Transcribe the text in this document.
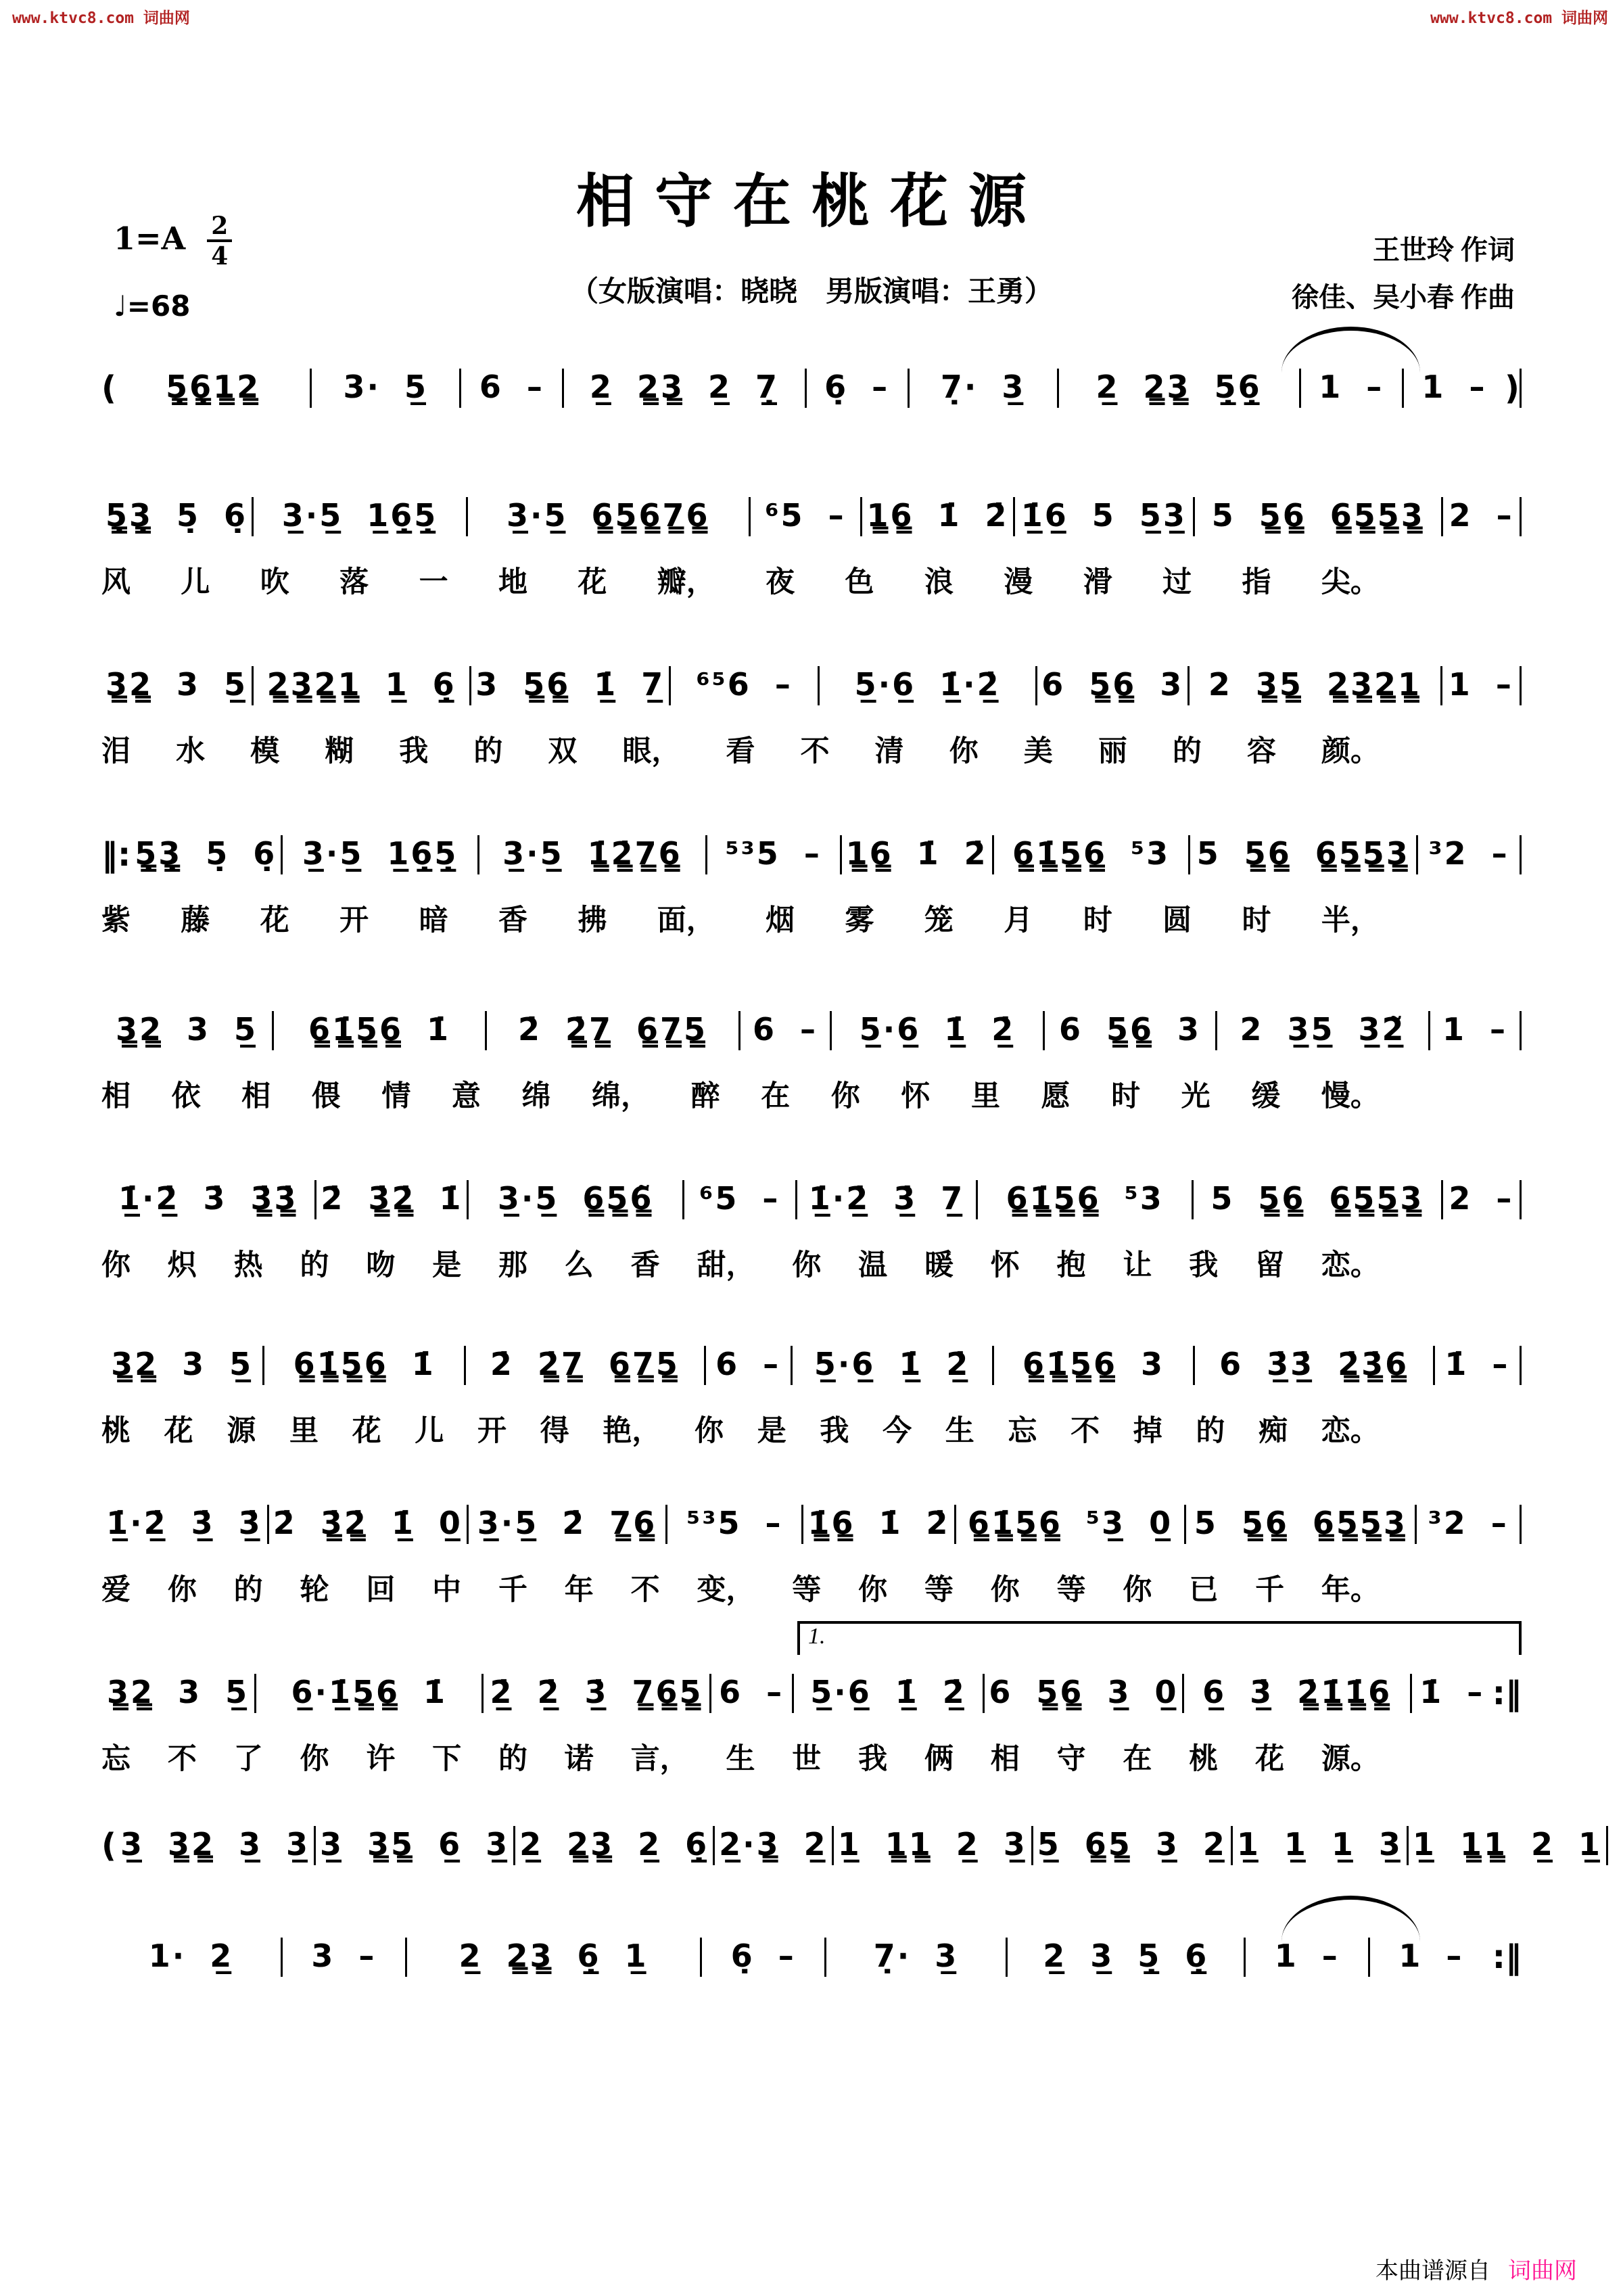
www.ktvc8.com 词曲网	www.ktvc8.com 词曲网
$1=A \frac{2}{4}$
♩=68
相守在桃花源
（女版演唱：晓晓　男版演唱：王勇）
王世玲 作词
徐佳、吴小春 作曲
(	5̳̣6̳̣1̳2̳	3· 5̲	6 –	2̲ 2̳3̳ 2̲ 7̲̣	6̣ –	7̣· 3̲	2̲ 2̳3̳ 5̲̣6̲̣	1 –	1 – )
5̳̣3̳̣ 5̣ 6̣	3̲·5̲ 1̲6̲̣5̲̣	3̲·5̲ 6̳5̳6̳7̳6̳	⁶5 – 1̳6̳ 1̇ 2̇ 1̲̇6̲ 5 5̲3̲ 5 5̳6̳ 6̳5̳5̳3̳ 2 –
风 儿 吹 落 一 地 花 瓣， 夜 色 浪 漫 滑 过 指 尖。
3̳2̳ 3 5̲ 2̳3̳2̳1̳ 1̲ 6̲̣ 3 5̳6̳ 1̲̇ 7̲	⁶⁵6 –	5̲·6̲ 1̲̇·2̲̇	6 5̳6̳ 3 2 3̳5̳ 2̳3̳2̳1̳ 1 –
泪 水 模 糊 我 的 双 眼， 看 不 清 你 美 丽 的 容 颜。
‖: 5̳̣3̳̣ 5̣ 6̣ 3̲·5̲ 1̲6̲̣5̲̣	3̲·5̲ 1̳̇2̳̇7̳6̳	⁵³5 – 1̳6̳ 1̇ 2̇ 6̳1̳̇5̳6̳ ⁵3 5 5̳6̳ 6̳5̳5̳3̳ ³2 –
紫 藤 花 开 暗 香 拂 面， 烟 雾 笼 月 时 圆 时 半，
3̳2̳ 3 5̲	6̳1̳̇5̳6̳ 1̇	2̇ 2̳̇7̳ 6̳7̳5̳	6 –	5̲·6̲ 1̲̇ 2̲̇	6 5̳6̳ 3	2 3̲5̲ 3̲2̲̃	1 –
相 依 相 偎 情 意 绵 绵， 醉 在 你 怀 里 愿 时 光 缓 慢。
1̲̇·2̲̇ 3̇ 3̳̇3̳̇ 2̇ 3̳̇2̳̇ 1̇	3̲·5̲ 6̳5̳6̳̃	⁶5 – 1̲̇·2̲̇ 3̲̇ 7̲	6̳1̳̇5̳6̳ ⁵3	5 5̳6̳ 6̳5̳5̳3̳ 2 –
你 炽 热 的 吻 是 那 么 香 甜， 你 温 暖 怀 抱 让 我 留 恋。
3̳2̳ 3 5̲	6̳1̳̇5̳6̳ 1̇	2̇ 2̳̇7̳ 6̳7̳5̳	6 –	5̲·6̲ 1̲̇ 2̲̇	6̳1̳̇5̳6̳ 3	6 3̲̇3̲̇ 2̳̇3̳̇6̳	1̇ –
桃 花 源 里 花 儿 开 得 艳， 你 是 我 今 生 忘 不 掉 的 痴 恋。
1̲̇·2̲̇ 3̲̇ 3̲̇ 2̇ 3̳̇2̳̇ 1̲̇ 0̲ 3̲·5̲ 2̇ 7̳6̳ ⁵³5 – 1̳̇6̳ 1̇ 2̇ 6̳1̳̇5̳6̳ ⁵3̲ 0̲ 5 5̳6̳ 6̳5̳5̳3̳ ³2 –
爱 你 的 轮 回 中 千 年 不 变， 等 你 等 你 等 你 已 千 年。
1.
3̳2̳ 3 5̲	6̲·1̲̇5̳6̳ 1̇	2̲̇ 2̲̇ 3̲̇ 7̳6̳5̳ 6 – 5̲·6̲ 1̲̇ 2̲̇ 6 5̳6̳ 3̲ 0̲ 6̲ 3̲̇ 2̳̇1̳̇1̳̇6̳ 1̇ – :‖
忘 不 了 你 许 下 的 诺 言， 生 世 我 俩 相 守 在 桃 花 源。
( 3̲ 3̳2̳ 3̲ 3̲ 3̲ 3̳5̳ 6̲ 3̲ 2̲ 2̳3̳ 2̲ 6̲̣ 2̲·3̳ 2̲ 1̲ 1̳1̳ 2̲ 3̲ 5̲ 6̳5̳ 3̲ 2̲ 1̲ 1̲ 1̲ 3̲ 1̲ 1̳1̳ 2̲ 1̲
1· 2̲	3 –	2̲ 2̳3̳ 6̲̣ 1̲	6̣ –	7̣· 3̲	2̲ 3̲ 5̲̣ 6̲̣	1 –	1 – :‖
本曲谱源自 词曲网
